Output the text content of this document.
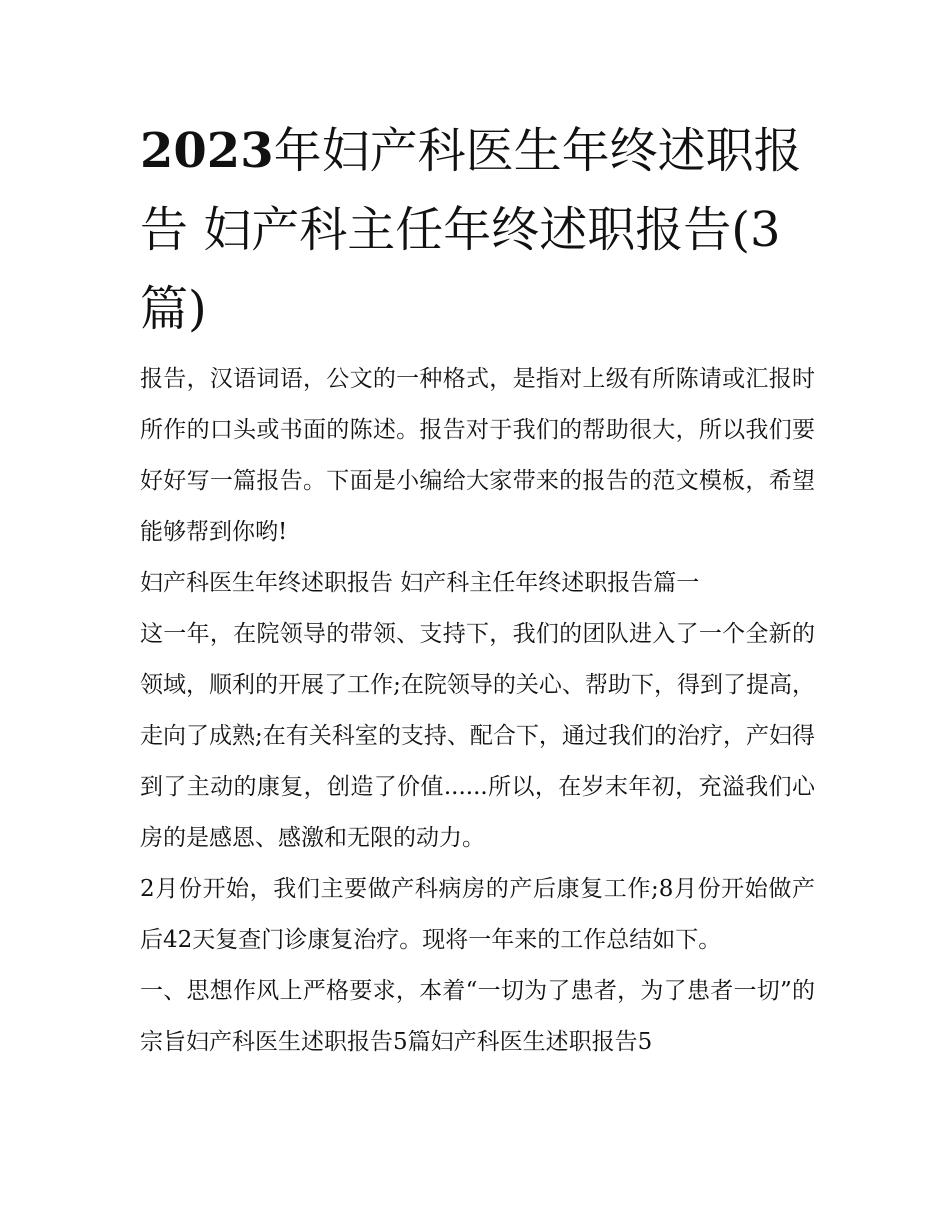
2023年妇产科医生年终述职报告 妇产科主任年终述职报告(3篇)

报告，汉语词语，公文的一种格式，是指对上级有所陈请或汇报时所作的口头或书面的陈述。报告对于我们的帮助很大，所以我们要好好写一篇报告。下面是小编给大家带来的报告的范文模板，希望能够帮到你哟!

妇产科医生年终述职报告 妇产科主任年终述职报告篇一

这一年，在院领导的带领、支持下，我们的团队进入了一个全新的领域，顺利的开展了工作;在院领导的关心、帮助下，得到了提高，走向了成熟;在有关科室的支持、配合下，通过我们的治疗，产妇得到了主动的康复，创造了价值......所以，在岁末年初，充溢我们心房的是感恩、感激和无限的动力。

2月份开始，我们主要做产科病房的产后康复工作;8月份开始做产后42天复查门诊康复治疗。现将一年来的工作总结如下。

一、思想作风上严格要求，本着“一切为了患者，为了患者一切”的宗旨妇产科医生述职报告5篇妇产科医生述职报告5
